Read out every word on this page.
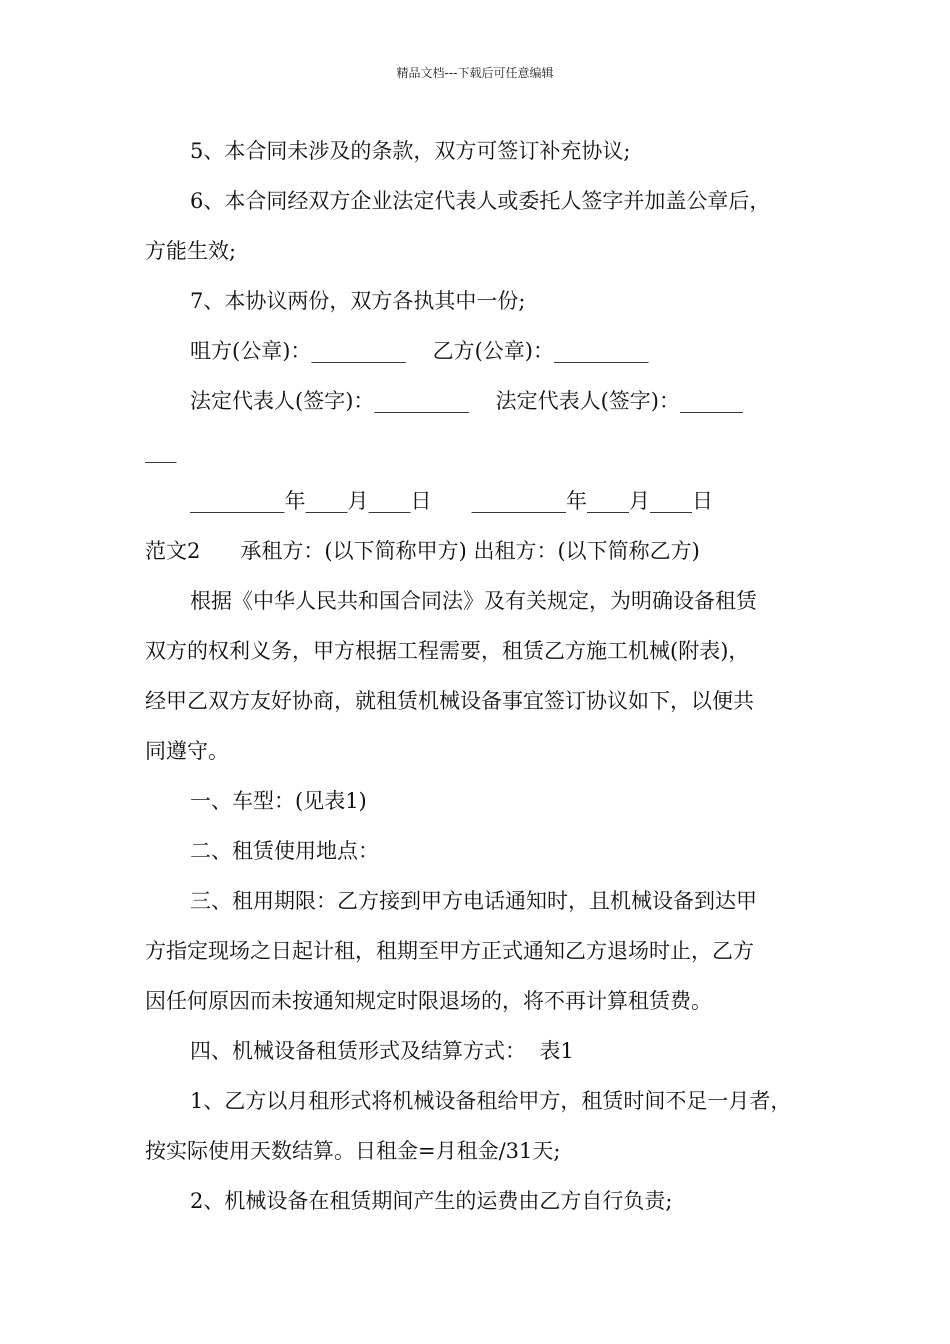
精品文档---下载后可任意编辑
5、本合同未涉及的条款，双方可签订补充协议;
6、本合同经双方企业法定代表人或委托人签字并加盖公章后，
方能生效;
7、本协议两份，双方各执其中一份;
咀方(公章)：_________    乙方(公章)：_________
法定代表人(签字)：_________    法定代表人(签字)：______
___
_________年____月____日      _________年____月____日
范文2      承租方：(以下简称甲方) 出租方：(以下简称乙方)
根据《中华人民共和国合同法》及有关规定，为明确设备租赁
双方的权利义务，甲方根据工程需要，租赁乙方施工机械(附表)，
经甲乙双方友好协商，就租赁机械设备事宜签订协议如下，以便共
同遵守。
一、车型：(见表1)
二、租赁使用地点：
三、租用期限：乙方接到甲方电话通知时，且机械设备到达甲
方指定现场之日起计租，租期至甲方正式通知乙方退场时止，乙方
因任何原因而未按通知规定时限退场的，将不再计算租赁费。
四、机械设备租赁形式及结算方式：  表1
1、乙方以月租形式将机械设备租给甲方，租赁时间不足一月者，
按实际使用天数结算。日租金=月租金/31天;
2、机械设备在租赁期间产生的运费由乙方自行负责;
